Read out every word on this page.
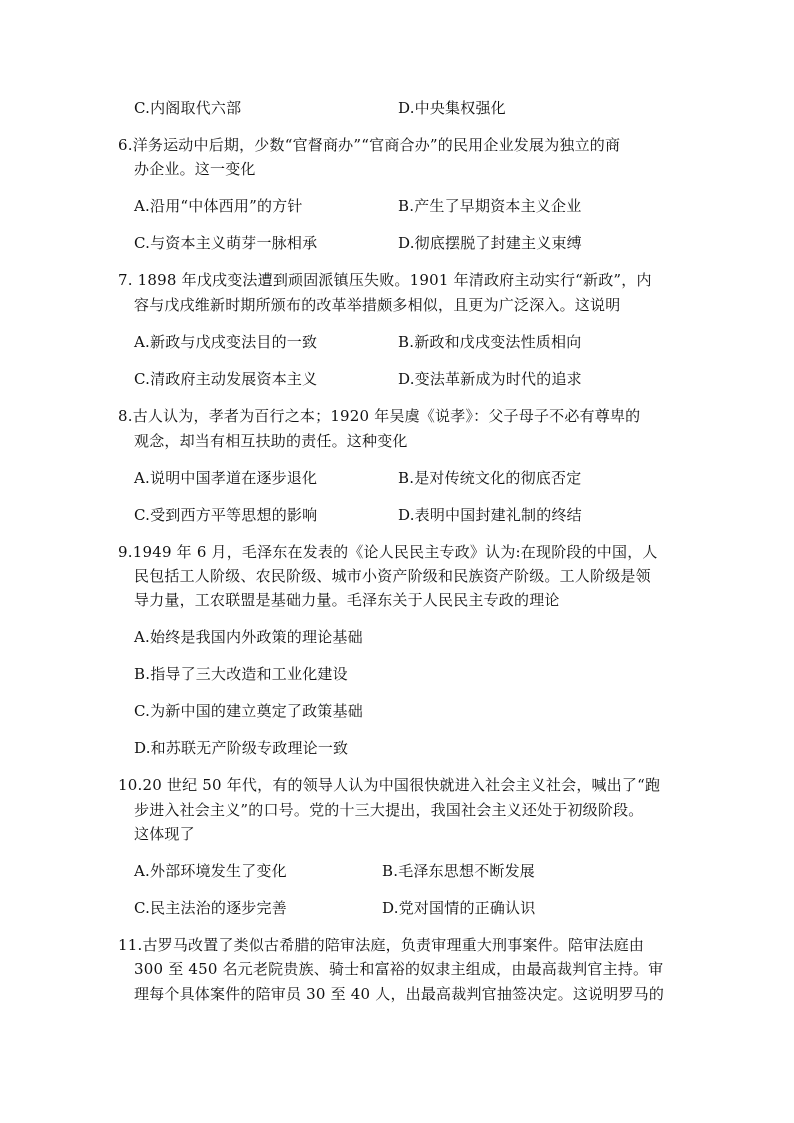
C.内阁取代六部	D.中央集权强化
6.洋务运动中后期，少数“官督商办”“官商合办”的民用企业发展为独立的商
办企业。这一变化
A.沿用“中体西用”的方针	B.产生了早期资本主义企业
C.与资本主义萌芽一脉相承	D.彻底摆脱了封建主义束缚
7. 1898 年戊戌变法遭到顽固派镇压失败。1901 年清政府主动实行“新政”，内
容与戊戌维新时期所颁布的改革举措颇多相似，且更为广泛深入。这说明
A.新政与戊戌变法目的一致	B.新政和戊戌变法性质相向
C.清政府主动发展资本主义	D.变法革新成为时代的追求
8.古人认为，孝者为百行之本；1920 年吴虞《说孝》：父子母子不必有尊卑的
观念，却当有相互扶助的责任。这种变化
A.说明中国孝道在逐步退化	B.是对传统文化的彻底否定
C.受到西方平等思想的影响	D.表明中国封建礼制的终结
9.1949 年 6 月，毛泽东在发表的《论人民民主专政》认为:在现阶段的中国，人
民包括工人阶级、农民阶级、城市小资产阶级和民族资产阶级。工人阶级是领
导力量，工农联盟是基础力量。毛泽东关于人民民主专政的理论
A.始终是我国内外政策的理论基础
B.指导了三大改造和工业化建设
C.为新中国的建立奠定了政策基础
D.和苏联无产阶级专政理论一致
10.20 世纪 50 年代，有的领导人认为中国很快就进入社会主义社会，喊出了“跑
步进入社会主义”的口号。党的十三大提出，我国社会主义还处于初级阶段。
这体现了
A.外部环境发生了变化	B.毛泽东思想不断发展
C.民主法治的逐步完善	D.党对国情的正确认识
11.古罗马改置了类似古希腊的陪审法庭，负责审理重大刑事案件。陪审法庭由
300 至 450 名元老院贵族、骑士和富裕的奴隶主组成，由最高裁判官主持。审
理每个具体案件的陪审员 30 至 40 人，出最高裁判官抽签决定。这说明罗马的
